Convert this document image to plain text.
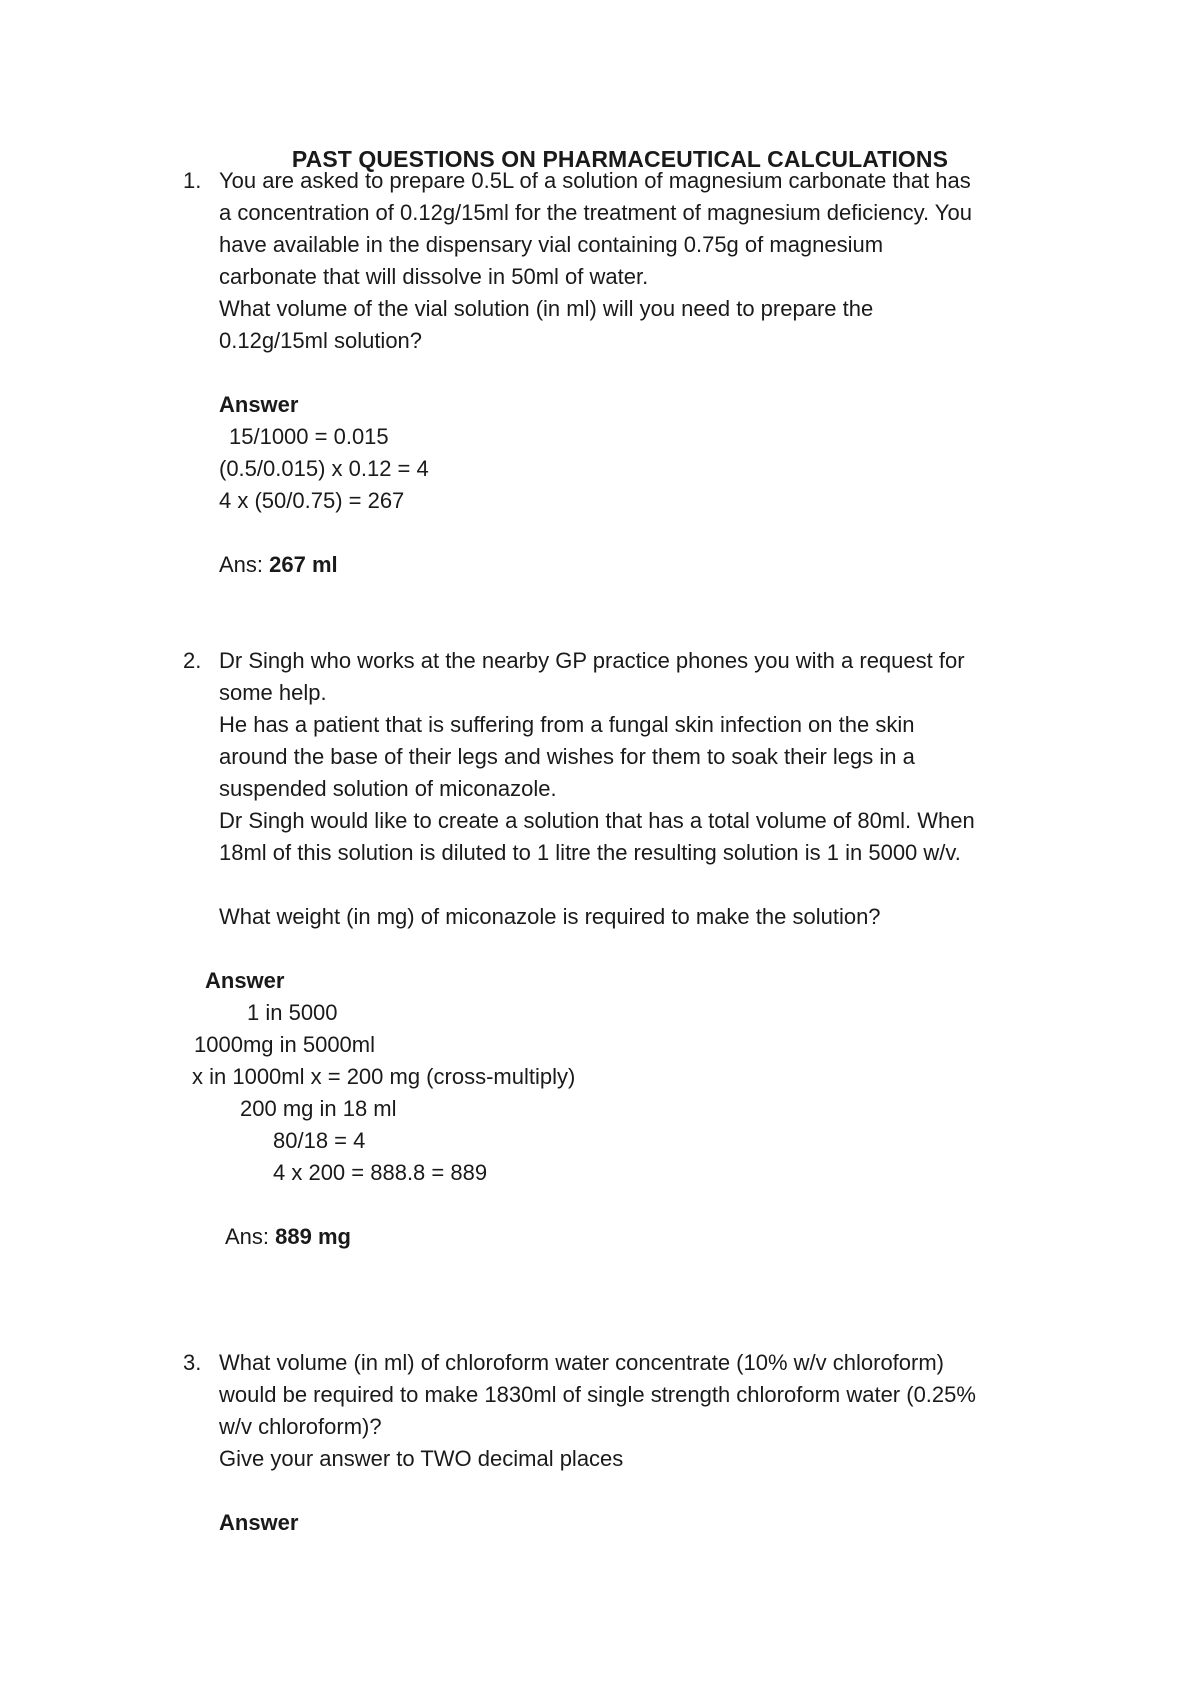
PAST QUESTIONS ON PHARMACEUTICAL CALCULATIONS
1. You are asked to prepare 0.5L of a solution of magnesium carbonate that has
a concentration of 0.12g/15ml for the treatment of magnesium deficiency. You
have available in the dispensary vial containing 0.75g of magnesium
carbonate that will dissolve in 50ml of water.
What volume of the vial solution (in ml) will you need to prepare the
0.12g/15ml solution?
Answer
15/1000 = 0.015
(0.5/0.015) x 0.12 = 4
4 x (50/0.75) = 267
Ans: 267 ml
2. Dr Singh who works at the nearby GP practice phones you with a request for
some help.
He has a patient that is suffering from a fungal skin infection on the skin
around the base of their legs and wishes for them to soak their legs in a
suspended solution of miconazole.
Dr Singh would like to create a solution that has a total volume of 80ml. When
18ml of this solution is diluted to 1 litre the resulting solution is 1 in 5000 w/v.
What weight (in mg) of miconazole is required to make the solution?
Answer
1 in 5000
1000mg in 5000ml
x in 1000ml x = 200 mg (cross-multiply)
200 mg in 18 ml
80/18 = 4
4 x 200 = 888.8 = 889
Ans: 889 mg
3. What volume (in ml) of chloroform water concentrate (10% w/v chloroform)
would be required to make 1830ml of single strength chloroform water (0.25%
w/v chloroform)?
Give your answer to TWO decimal places
Answer
